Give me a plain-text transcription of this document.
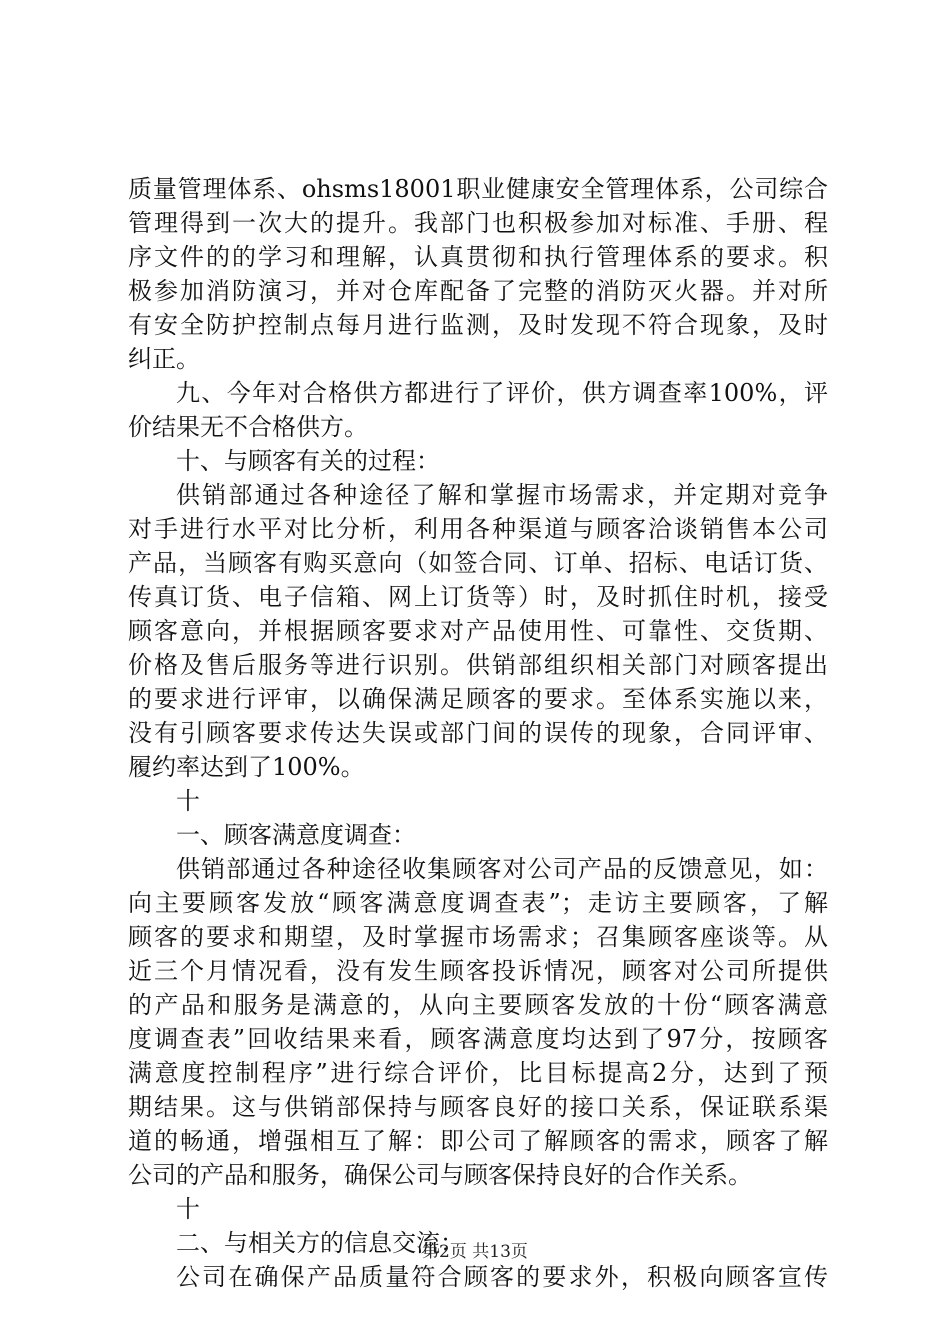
质量管理体系、ohsms18001职业健康安全管理体系，公司综合
管理得到一次大的提升。我部门也积极参加对标准、手册、程
序文件的的学习和理解，认真贯彻和执行管理体系的要求。积
极参加消防演习，并对仓库配备了完整的消防灭火器。并对所
有安全防护控制点每月进行监测，及时发现不符合现象，及时
纠正。
九、今年对合格供方都进行了评价，供方调查率100%，评
价结果无不合格供方。
十、与顾客有关的过程：
供销部通过各种途径了解和掌握市场需求，并定期对竞争
对手进行水平对比分析，利用各种渠道与顾客洽谈销售本公司
产品，当顾客有购买意向（如签合同、订单、招标、电话订货、
传真订货、电子信箱、网上订货等）时，及时抓住时机，接受
顾客意向，并根据顾客要求对产品使用性、可靠性、交货期、
价格及售后服务等进行识别。供销部组织相关部门对顾客提出
的要求进行评审，以确保满足顾客的要求。至体系实施以来，
没有引顾客要求传达失误或部门间的误传的现象，合同评审、
履约率达到了100%。
十
一、顾客满意度调查：
供销部通过各种途径收集顾客对公司产品的反馈意见，如：
向主要顾客发放“顾客满意度调查表”；走访主要顾客，了解
顾客的要求和期望，及时掌握市场需求；召集顾客座谈等。从
近三个月情况看，没有发生顾客投诉情况，顾客对公司所提供
的产品和服务是满意的，从向主要顾客发放的十份“顾客满意
度调查表”回收结果来看，顾客满意度均达到了97分，按顾客
满意度控制程序”进行综合评价，比目标提高2分，达到了预
期结果。这与供销部保持与顾客良好的接口关系，保证联系渠
道的畅通，增强相互了解：即公司了解顾客的需求，顾客了解
公司的产品和服务，确保公司与顾客保持良好的合作关系。
十
二、与相关方的信息交流：
公司在确保产品质量符合顾客的要求外，积极向顾客宣传
第2页 共13页
